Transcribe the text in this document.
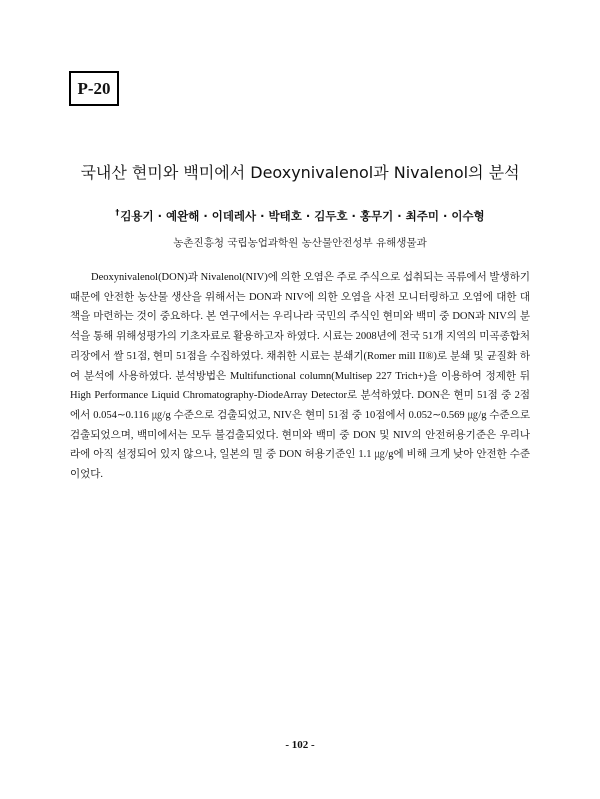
P-20
국내산 현미와 백미에서 Deoxynivalenol과 Nivalenol의 분석
†김용기 · 예완해 · 이데레사 · 박태호 · 김두호 · 홍무기 · 최주미 · 이수형
농촌진흥청 국립농업과학원 농산물안전성부 유해생물과

Deoxynivalenol(DON)과 Nivalenol(NIV)에 의한 오염은 주로 주식으로 섭취되는 곡류에서 발생하기 때문에 안전한 농산물 생산을 위해서는 DON과 NIV에 의한 오염을 사전 모니터링하고 오염에 대한 대책을 마련하는 것이 중요하다. 본 연구에서는 우리나라 국민의 주식인 현미와 백미 중 DON과 NIV의 분석을 통해 위해성평가의 기초자료로 활용하고자 하였다. 시료는 2008년에 전국 51개 지역의 미곡종합처리장에서 쌀 51점, 현미 51점을 수집하였다. 채취한 시료는 분쇄기(Romer mill II®)로 분쇄 및 균질화 하여 분석에 사용하였다. 분석방법은 Multifunctional column(Multisep 227 Trich+)을 이용하여 정제한 뒤 High Performance Liquid Chromatography-DiodeArray Detector로 분석하였다. DON은 현미 51점 중 2점에서 0.054∼0.116 ㎍/g 수준으로 검출되었고, NIV은 현미 51점 중 10점에서 0.052∼0.569 ㎍/g 수준으로 검출되었으며, 백미에서는 모두 불검출되었다. 현미와 백미 중 DON 및 NIV의 안전허용기준은 우리나라에 아직 설정되어 있지 않으나, 일본의 밀 중 DON 허용기준인 1.1 ㎍/g에 비해 크게 낮아 안전한 수준이었다.

- 102 -
